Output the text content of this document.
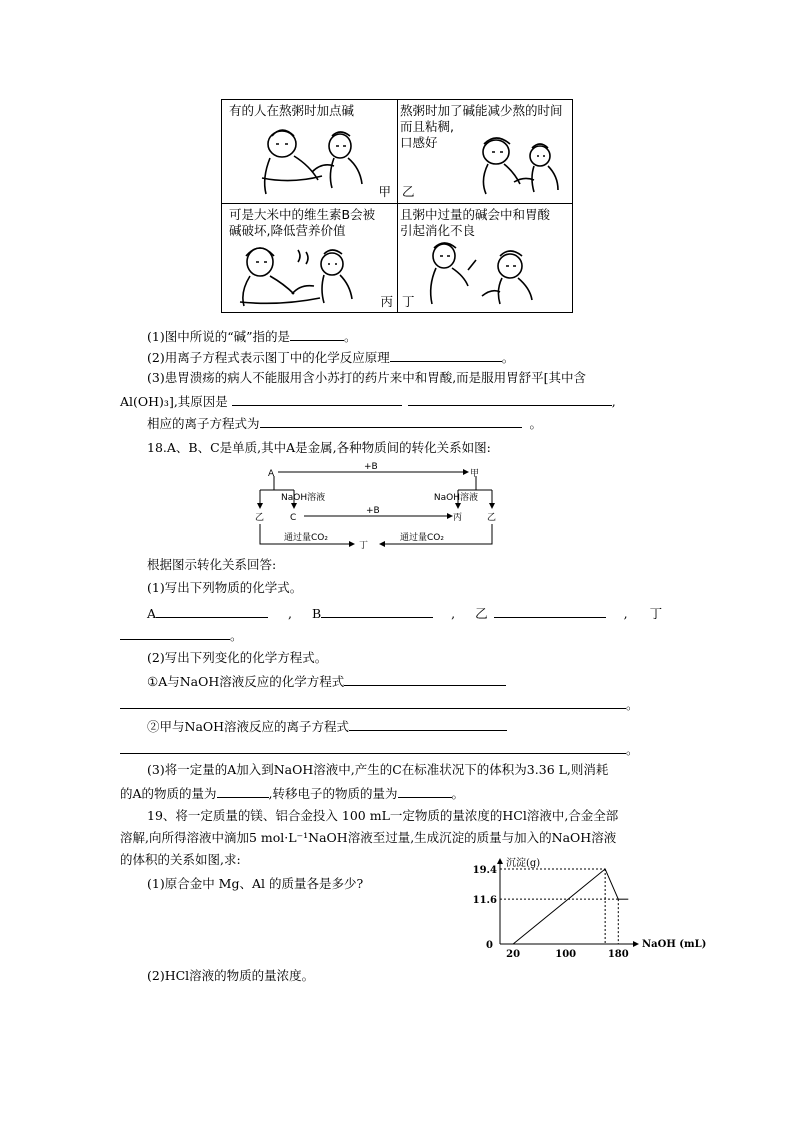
有的人在熬粥时加点碱
甲
熬粥时加了碱能减少熬的时间
而且粘稠,
口感好
乙
可是大米中的维生素B会被
碱破坏,降低营养价值
丙
且粥中过量的碱会中和胃酸
引起消化不良
丁
(1)图中所说的“碱”指的是	。
(2)用离子方程式表示图丁中的化学反应原理	。
(3)患胃溃疡的病人不能服用含小苏打的药片来中和胃酸,而是服用胃舒平[其中含
Al(OH)₃],其原因是	,
相应的离子方程式为	。
18.A、B、C是单质,其中A是金属,各种物质间的转化关系如图:
A	甲
+B
NaOH溶液	NaOH溶液
乙	C
+B
丙	乙
通过量CO₂	通过量CO₂
丁
根据图示转化关系回答:
(1)写出下列物质的化学式。
A	, B	, 乙	, 丁
。
(2)写出下列变化的化学方程式。
①A与NaOH溶液反应的化学方程式
。
②甲与NaOH溶液反应的离子方程式
。
(3)将一定量的A加入到NaOH溶液中,产生的C在标准状况下的体积为3.36 L,则消耗
的A的物质的量为	,转移电子的物质的量为	。
19、将一定质量的镁、铝合金投入 100 mL一定物质的量浓度的HCl溶液中,合金全部
溶解,向所得溶液中滴加5 mol·L⁻¹NaOH溶液至过量,生成沉淀的质量与加入的NaOH溶液
的体积的关系如图,求:
(1)原合金中 Mg、Al 的质量各是多少?
(2)HCl溶液的物质的量浓度。
沉淀(g)
NaOH (mL)
0
19.4
11.6
20	100	180
